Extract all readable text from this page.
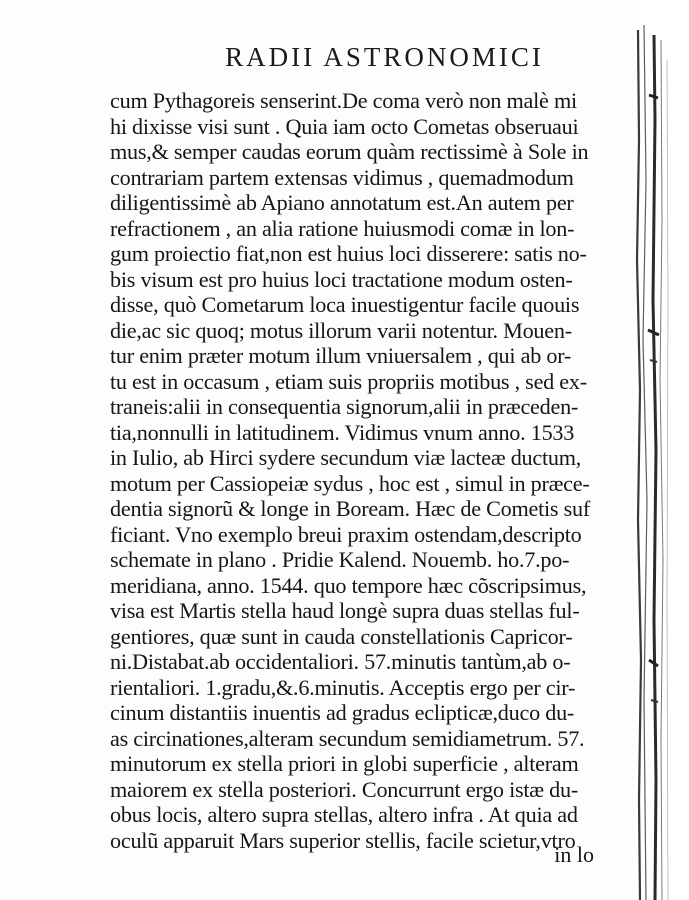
RADII ASTRONOMICI
cum Pythagoreis senserint.De coma verò non malè mi
hi dixisse visi sunt . Quia iam octo Cometas obseruaui
mus,& semper caudas eorum quàm rectissimè à Sole in
contrariam partem extensas vidimus , quemadmodum
diligentissimè ab Apiano annotatum est.An autem per
refractionem , an alia ratione huiusmodi comæ in lon-
gum proiectio fiat,non est huius loci disserere: satis no-
bis visum est pro huius loci tractatione modum osten-
disse, quò Cometarum loca inuestigentur facile quouis
die,ac sic quoq; motus illorum varii notentur. Mouen-
tur enim præter motum illum vniuersalem , qui ab or-
tu est in occasum , etiam suis propriis motibus , sed ex-
traneis:alii in consequentia signorum,alii in præceden-
tia,nonnulli in latitudinem. Vidimus vnum anno. 1533
in Iulio, ab Hirci sydere secundum viæ lacteæ ductum,
motum per Cassiopeiæ sydus , hoc est , simul in præce-
dentia signorũ & longe in Boream. Hæc de Cometis suf
ficiant. Vno exemplo breui praxim ostendam,descripto
schemate in plano . Pridie Kalend. Nouemb. ho.7.po-
meridiana, anno. 1544. quo tempore hæc cõscripsimus,
visa est Martis stella haud longè supra duas stellas ful-
gentiores, quæ sunt in cauda constellationis Capricor-
ni.Distabat.ab occidentaliori. 57.minutis tantùm,ab o-
rientaliori. 1.gradu,&.6.minutis. Acceptis ergo per cir-
cinum distantiis inuentis ad gradus eclipticæ,duco du-
as circinationes,alteram secundum semidiametrum. 57.
minutorum ex stella priori in globi superficie , alteram
maiorem ex stella posteriori. Concurrunt ergo istæ du-
obus locis, altero supra stellas, altero infra . At quia ad
oculũ apparuit Mars superior stellis, facile scietur,vtro
in lo
